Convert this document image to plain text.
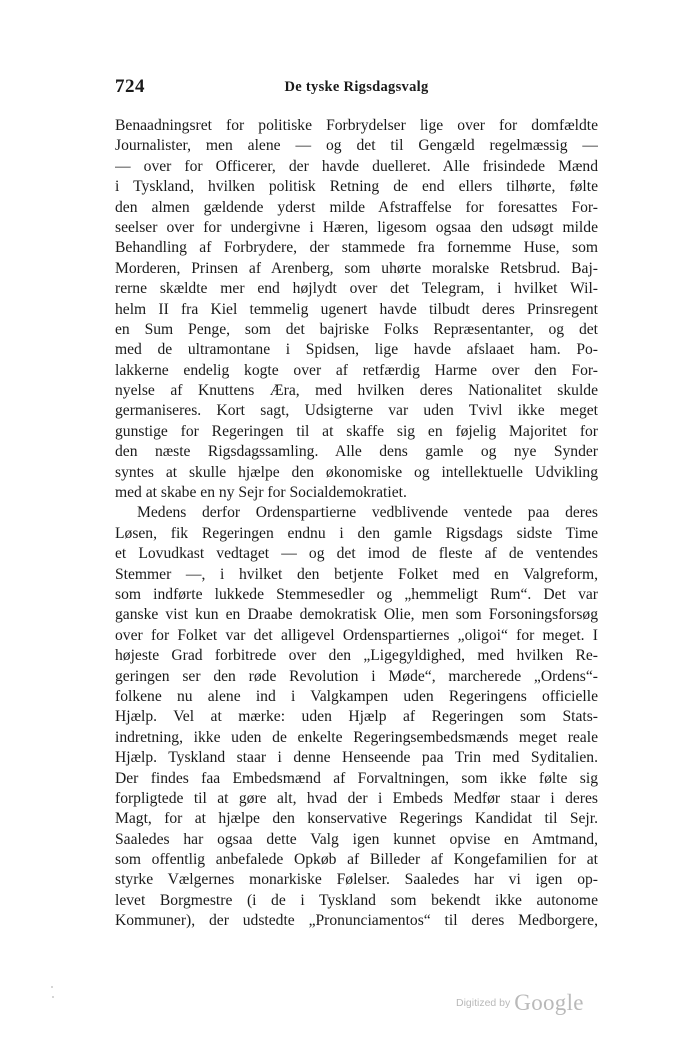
724	De tyske Rigsdagsvalg
Benaadningsret for politiske Forbrydelser lige over for domfældte
Journalister, men alene — og det til Gengæld regelmæssig —
— over for Officerer, der havde duelleret. Alle frisindede Mænd
i Tyskland, hvilken politisk Retning de end ellers tilhørte, følte
den almen gældende yderst milde Afstraffelse for foresattes For-
seelser over for undergivne i Hæren, ligesom ogsaa den udsøgt milde
Behandling af Forbrydere, der stammede fra fornemme Huse, som
Morderen, Prinsen af Arenberg, som uhørte moralske Retsbrud. Baj-
rerne skældte mer end højlydt over det Telegram, i hvilket Wil-
helm II fra Kiel temmelig ugenert havde tilbudt deres Prinsregent
en Sum Penge, som det bajriske Folks Repræsentanter, og det
med de ultramontane i Spidsen, lige havde afslaaet ham. Po-
lakkerne endelig kogte over af retfærdig Harme over den For-
nyelse af Knuttens Æra, med hvilken deres Nationalitet skulde
germaniseres. Kort sagt, Udsigterne var uden Tvivl ikke meget
gunstige for Regeringen til at skaffe sig en føjelig Majoritet for
den næste Rigsdagssamling. Alle dens gamle og nye Synder
syntes at skulle hjælpe den økonomiske og intellektuelle Udvikling
med at skabe en ny Sejr for Socialdemokratiet.
Medens derfor Ordenspartierne vedblivende ventede paa deres
Løsen, fik Regeringen endnu i den gamle Rigsdags sidste Time
et Lovudkast vedtaget — og det imod de fleste af de ventendes
Stemmer —, i hvilket den betjente Folket med en Valgreform,
som indførte lukkede Stemmesedler og „hemmeligt Rum“. Det var
ganske vist kun en Draabe demokratisk Olie, men som Forsoningsforsøg
over for Folket var det alligevel Ordenspartiernes „oligoi“ for meget. I
højeste Grad forbitrede over den „Ligegyldighed, med hvilken Re-
geringen ser den røde Revolution i Møde“, marcherede „Ordens“-
folkene nu alene ind i Valgkampen uden Regeringens officielle
Hjælp. Vel at mærke: uden Hjælp af Regeringen som Stats-
indretning, ikke uden de enkelte Regeringsembedsmænds meget reale
Hjælp. Tyskland staar i denne Henseende paa Trin med Syditalien.
Der findes faa Embedsmænd af Forvaltningen, som ikke følte sig
forpligtede til at gøre alt, hvad der i Embeds Medfør staar i deres
Magt, for at hjælpe den konservative Regerings Kandidat til Sejr.
Saaledes har ogsaa dette Valg igen kunnet opvise en Amtmand,
som offentlig anbefalede Opkøb af Billeder af Kongefamilien for at
styrke Vælgernes monarkiske Følelser. Saaledes har vi igen op-
levet Borgmestre (i de i Tyskland som bekendt ikke autonome
Kommuner), der udstedte „Pronunciamentos“ til deres Medborgere,
Digitized by Google
